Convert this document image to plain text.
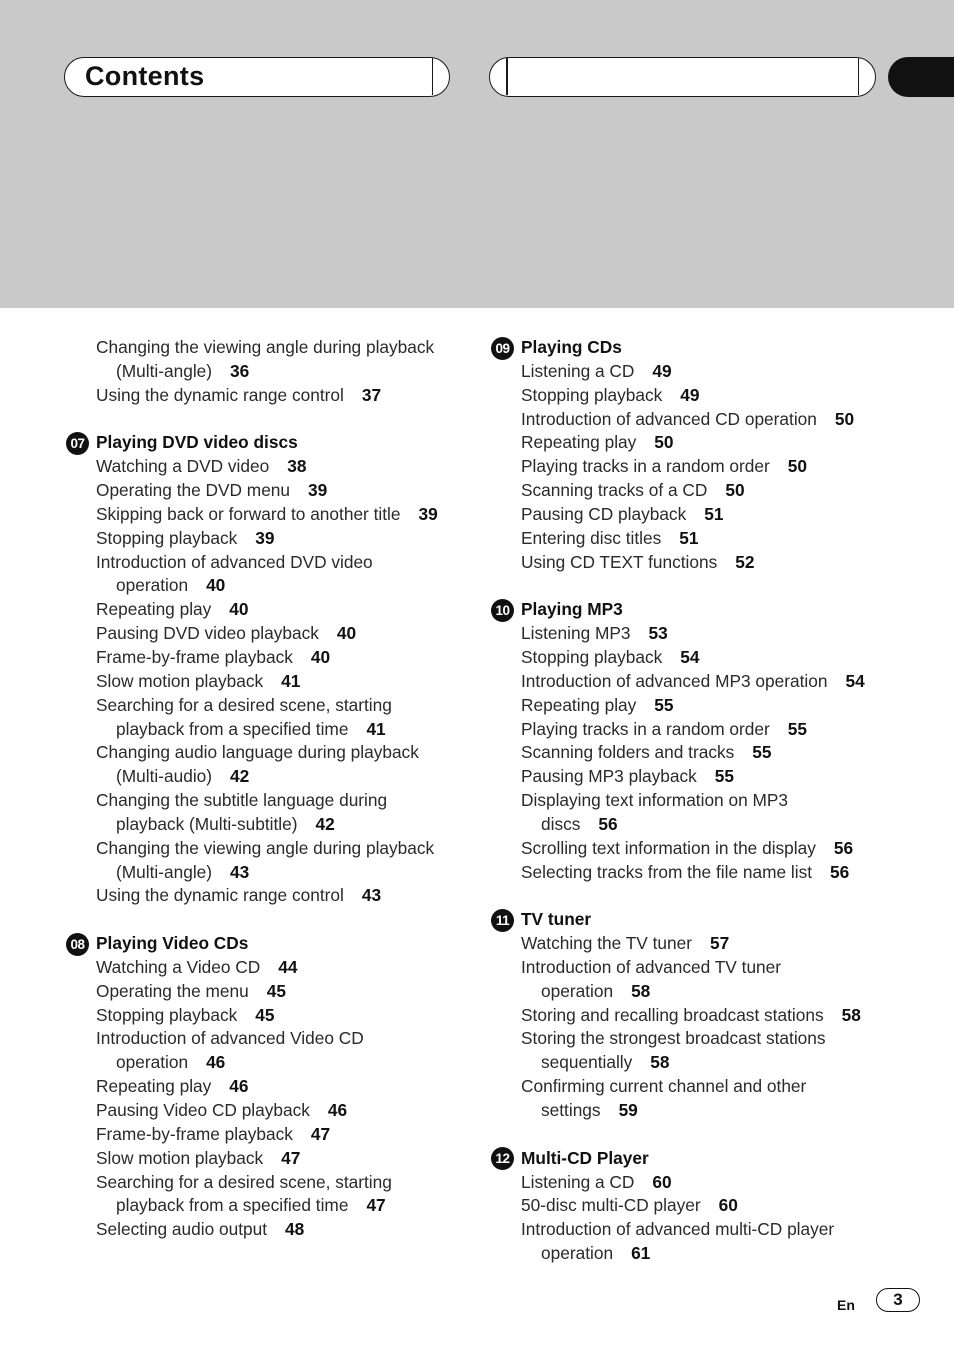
Contents
Changing the viewing angle during playback
(Multi-angle) 36
Using the dynamic range control 37
07 Playing DVD video discs
Watching a DVD video 38
Operating the DVD menu 39
Skipping back or forward to another title 39
Stopping playback 39
Introduction of advanced DVD video
operation 40
Repeating play 40
Pausing DVD video playback 40
Frame-by-frame playback 40
Slow motion playback 41
Searching for a desired scene, starting
playback from a specified time 41
Changing audio language during playback
(Multi-audio) 42
Changing the subtitle language during
playback (Multi-subtitle) 42
Changing the viewing angle during playback
(Multi-angle) 43
Using the dynamic range control 43
08 Playing Video CDs
Watching a Video CD 44
Operating the menu 45
Stopping playback 45
Introduction of advanced Video CD
operation 46
Repeating play 46
Pausing Video CD playback 46
Frame-by-frame playback 47
Slow motion playback 47
Searching for a desired scene, starting
playback from a specified time 47
Selecting audio output 48
09 Playing CDs
Listening a CD 49
Stopping playback 49
Introduction of advanced CD operation 50
Repeating play 50
Playing tracks in a random order 50
Scanning tracks of a CD 50
Pausing CD playback 51
Entering disc titles 51
Using CD TEXT functions 52
10 Playing MP3
Listening MP3 53
Stopping playback 54
Introduction of advanced MP3 operation 54
Repeating play 55
Playing tracks in a random order 55
Scanning folders and tracks 55
Pausing MP3 playback 55
Displaying text information on MP3
discs 56
Scrolling text information in the display 56
Selecting tracks from the file name list 56
11 TV tuner
Watching the TV tuner 57
Introduction of advanced TV tuner
operation 58
Storing and recalling broadcast stations 58
Storing the strongest broadcast stations
sequentially 58
Confirming current channel and other
settings 59
12 Multi-CD Player
Listening a CD 60
50-disc multi-CD player 60
Introduction of advanced multi-CD player
operation 61
En	3
